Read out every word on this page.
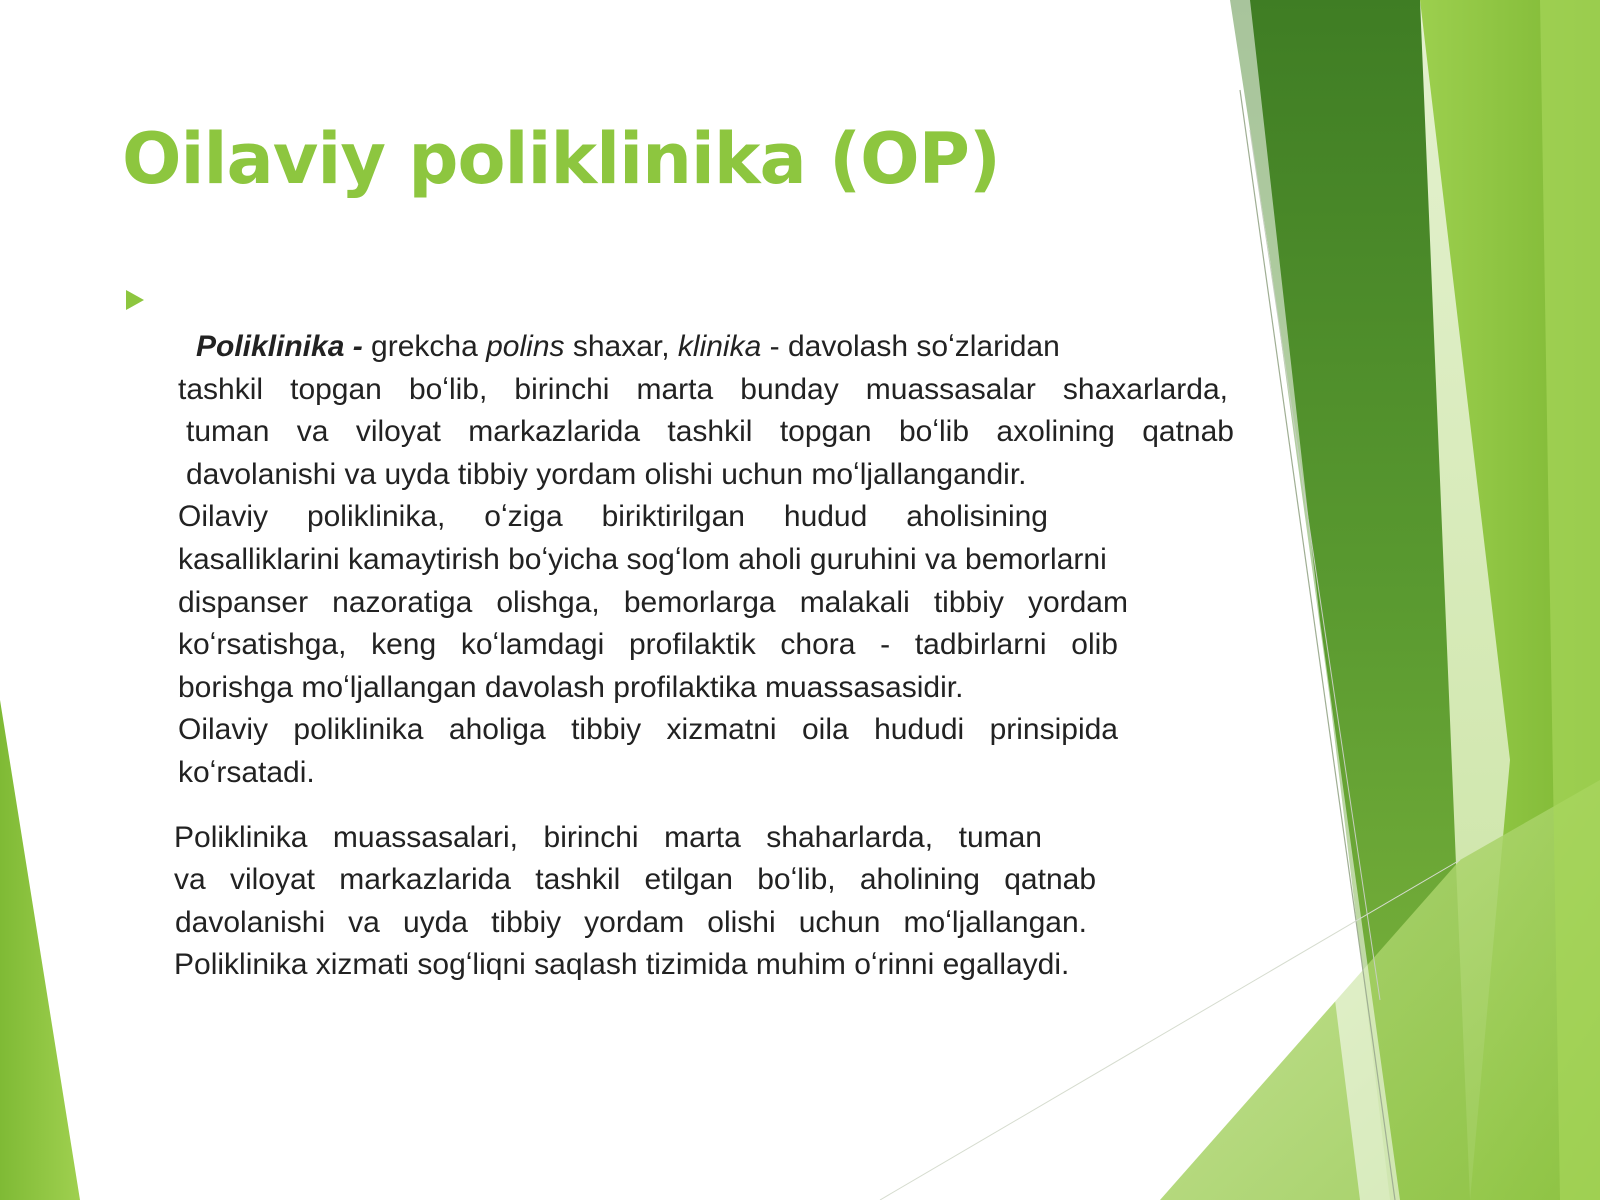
Oilaviy poliklinika (OP)
Poliklinika - grekcha polins shaxar, klinika - davolash soʻzlaridan
tashkil topgan boʻlib, birinchi marta bunday muassasalar shaxarlarda,
tuman va viloyat markazlarida tashkil topgan boʻlib axolining qatnab
davolanishi va uyda tibbiy yordam olishi uchun moʻljallangandir.
Oilaviy poliklinika, oʻziga biriktirilgan hudud aholisining
kasalliklarini kamaytirish boʻyicha sogʻlom aholi guruhini va bemorlarni
dispanser nazoratiga olishga, bemorlarga malakali tibbiy yordam
koʻrsatishga, keng koʻlamdagi profilaktik chora - tadbirlarni olib
borishga moʻljallangan davolash profilaktika muassasasidir.
Oilaviy poliklinika aholiga tibbiy xizmatni oila hududi prinsipida
koʻrsatadi.
Poliklinika muassasalari, birinchi marta shaharlarda, tuman
va viloyat markazlarida tashkil etilgan boʻlib, aholining qatnab
davolanishi va uyda tibbiy yordam olishi uchun moʻljallangan.
Poliklinika xizmati sogʻliqni saqlash tizimida muhim oʻrinni egallaydi.
